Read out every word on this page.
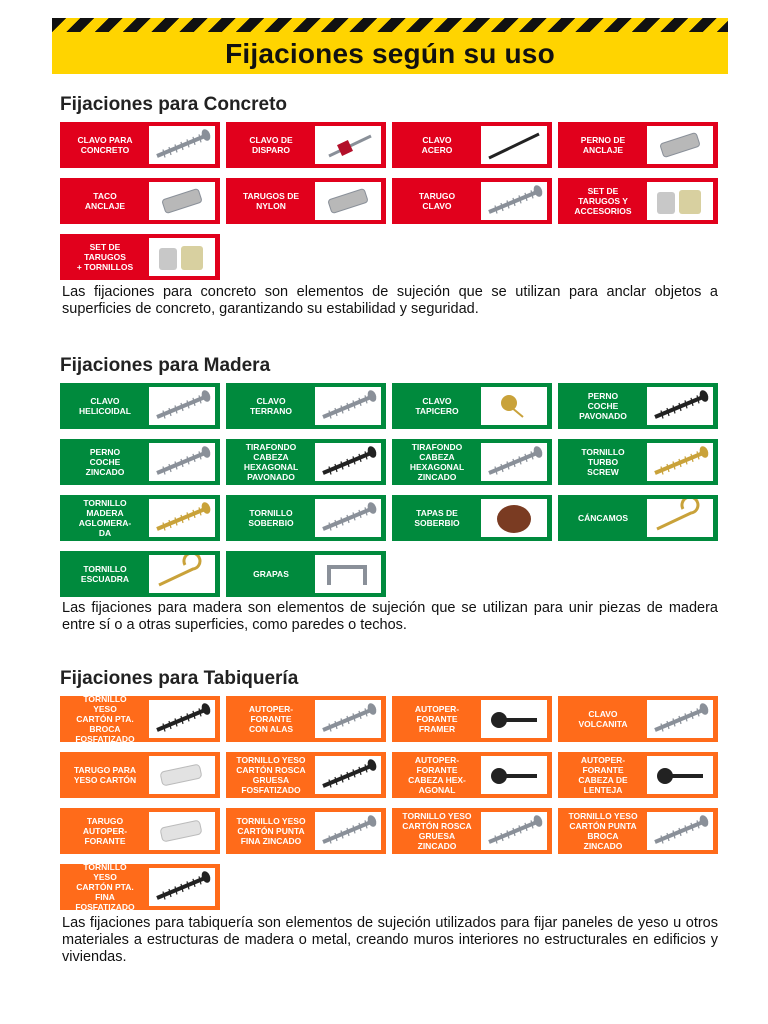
Fijaciones según su uso
Fijaciones para Concreto
CLAVO PARA
CONCRETO
CLAVO DE
DISPARO
CLAVO
ACERO
PERNO DE
ANCLAJE
TACO
ANCLAJE
TARUGOS DE
NYLON
TARUGO
CLAVO
SET DE
TARUGOS Y
ACCESORIOS
SET DE
TARUGOS
+ TORNILLOS
Las fijaciones para concreto son elementos de sujeción que se utilizan para anclar objetos a superficies de concreto, garantizando su estabilidad y seguridad.
Fijaciones para Madera
CLAVO
HELICOIDAL
CLAVO
TERRANO
CLAVO
TAPICERO
PERNO
COCHE
PAVONADO
PERNO
COCHE
ZINCADO
TIRAFONDO
CABEZA
HEXAGONAL
PAVONADO
TIRAFONDO
CABEZA
HEXAGONAL
ZINCADO
TORNILLO
TURBO
SCREW
TORNILLO
MADERA
AGLOMERA-
DA
TORNILLO
SOBERBIO
TAPAS DE
SOBERBIO	CÁNCAMOS
TORNILLO
ESCUADRA	GRAPAS
Las fijaciones para madera son elementos de sujeción que se utilizan para unir piezas de madera entre sí o a otras superficies, como paredes o techos.
Fijaciones para Tabiquería
TORNILLO
YESO
CARTÓN PTA.
BROCA
FOSFATIZADO
AUTOPER-
FORANTE
CON ALAS
AUTOPER-
FORANTE
FRAMER
CLAVO
VOLCANITA
TARUGO PARA
YESO CARTÓN
TORNILLO YESO
CARTÓN ROSCA
GRUESA
FOSFATIZADO
AUTOPER-
FORANTE
CABEZA HEX-
AGONAL
AUTOPER-
FORANTE
CABEZA DE
LENTEJA
TARUGO
AUTOPER-
FORANTE
TORNILLO YESO
CARTÓN PUNTA
FINA ZINCADO
TORNILLO YESO
CARTÓN ROSCA
GRUESA
ZINCADO
TORNILLO YESO
CARTÓN PUNTA
BROCA
ZINCADO
TORNILLO
YESO
CARTÓN PTA.
FINA
FOSFATIZADO
Las fijaciones para tabiquería son elementos de sujeción utilizados para fijar paneles de yeso u otros materiales a estructuras de madera o metal, creando muros interiores no estructurales en edificios y viviendas.
